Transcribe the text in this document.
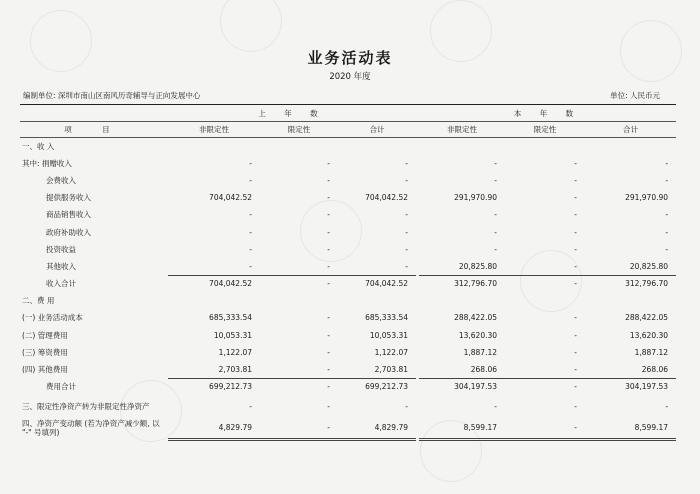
业务活动表
2020 年度
编制单位: 深圳市南山区南风历奇辅导与正向发展中心	单位: 人民币元
	上 年 数				本 年 数		
项 目	非限定性	限定性	合计		非限定性	限定性	合计
一、收 入							
其中: 捐赠收入	-	-	-		-	-	-
会费收入	-	-	-		-	-	-
提供服务收入	704,042.52	-	704,042.52		291,970.90	-	291,970.90
商品销售收入	-	-	-		-	-	-
政府补助收入	-	-	-		-	-	-
投资收益	-	-	-		-	-	-
其他收入	-	-	-		20,825.80	-	20,825.80
收入合计	704,042.52	-	704,042.52		312,796.70	-	312,796.70
二、费 用							
(一) 业务活动成本	685,333.54	-	685,333.54		288,422.05	-	288,422.05
(二) 管理费用	10,053.31	-	10,053.31		13,620.30	-	13,620.30
(三) 筹资费用	1,122.07	-	1,122.07		1,887.12	-	1,887.12
(四) 其他费用	2,703.81	-	2,703.81		268.06	-	268.06
费用合计	699,212.73	-	699,212.73		304,197.53	-	304,197.53
三、限定性净资产转为非限定性净资产	-	-	-		-	-	-
四、净资产变动额 (若为净资产减少额, 以 "-" 号填列)	4,829.79	-	4,829.79		8,599.17	-	8,599.17
